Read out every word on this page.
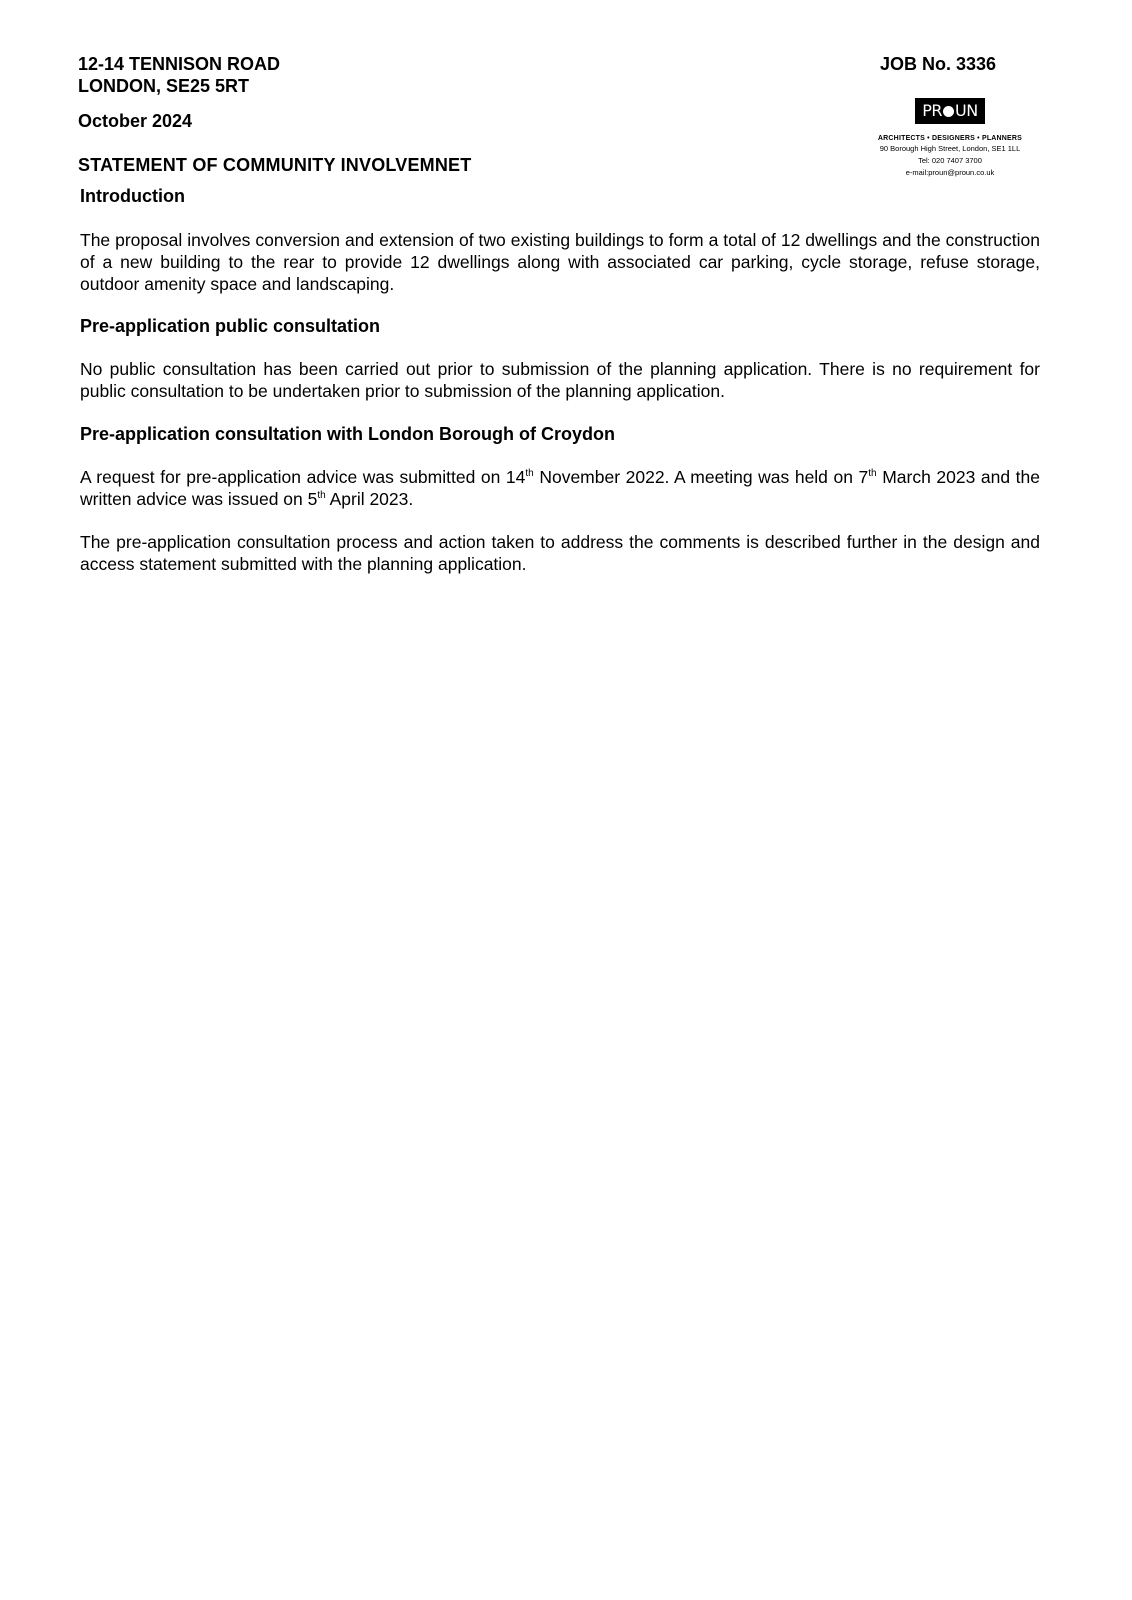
12-14 TENNISON ROAD
LONDON, SE25 5RT
October 2024
STATEMENT OF COMMUNITY INVOLVEMNET
JOB No. 3336
PR UN
ARCHITECTS • DESIGNERS • PLANNERS
90 Borough High Street, London, SE1 1LL
Tel: 020 7407 3700
e-mail:proun@proun.co.uk
Introduction
The proposal involves conversion and extension of two existing buildings to form a total of 12 dwellings and the construction of a new building to the rear to provide 12 dwellings along with associated car parking, cycle storage, refuse storage, outdoor amenity space and landscaping.
Pre-application public consultation
No public consultation has been carried out prior to submission of the planning application. There is no requirement for public consultation to be undertaken prior to submission of the planning application.
Pre-application consultation with London Borough of Croydon
A request for pre-application advice was submitted on 14th November 2022. A meeting was held on 7th March 2023 and the written advice was issued on 5th April 2023.
The pre-application consultation process and action taken to address the comments is described further in the design and access statement submitted with the planning application.
